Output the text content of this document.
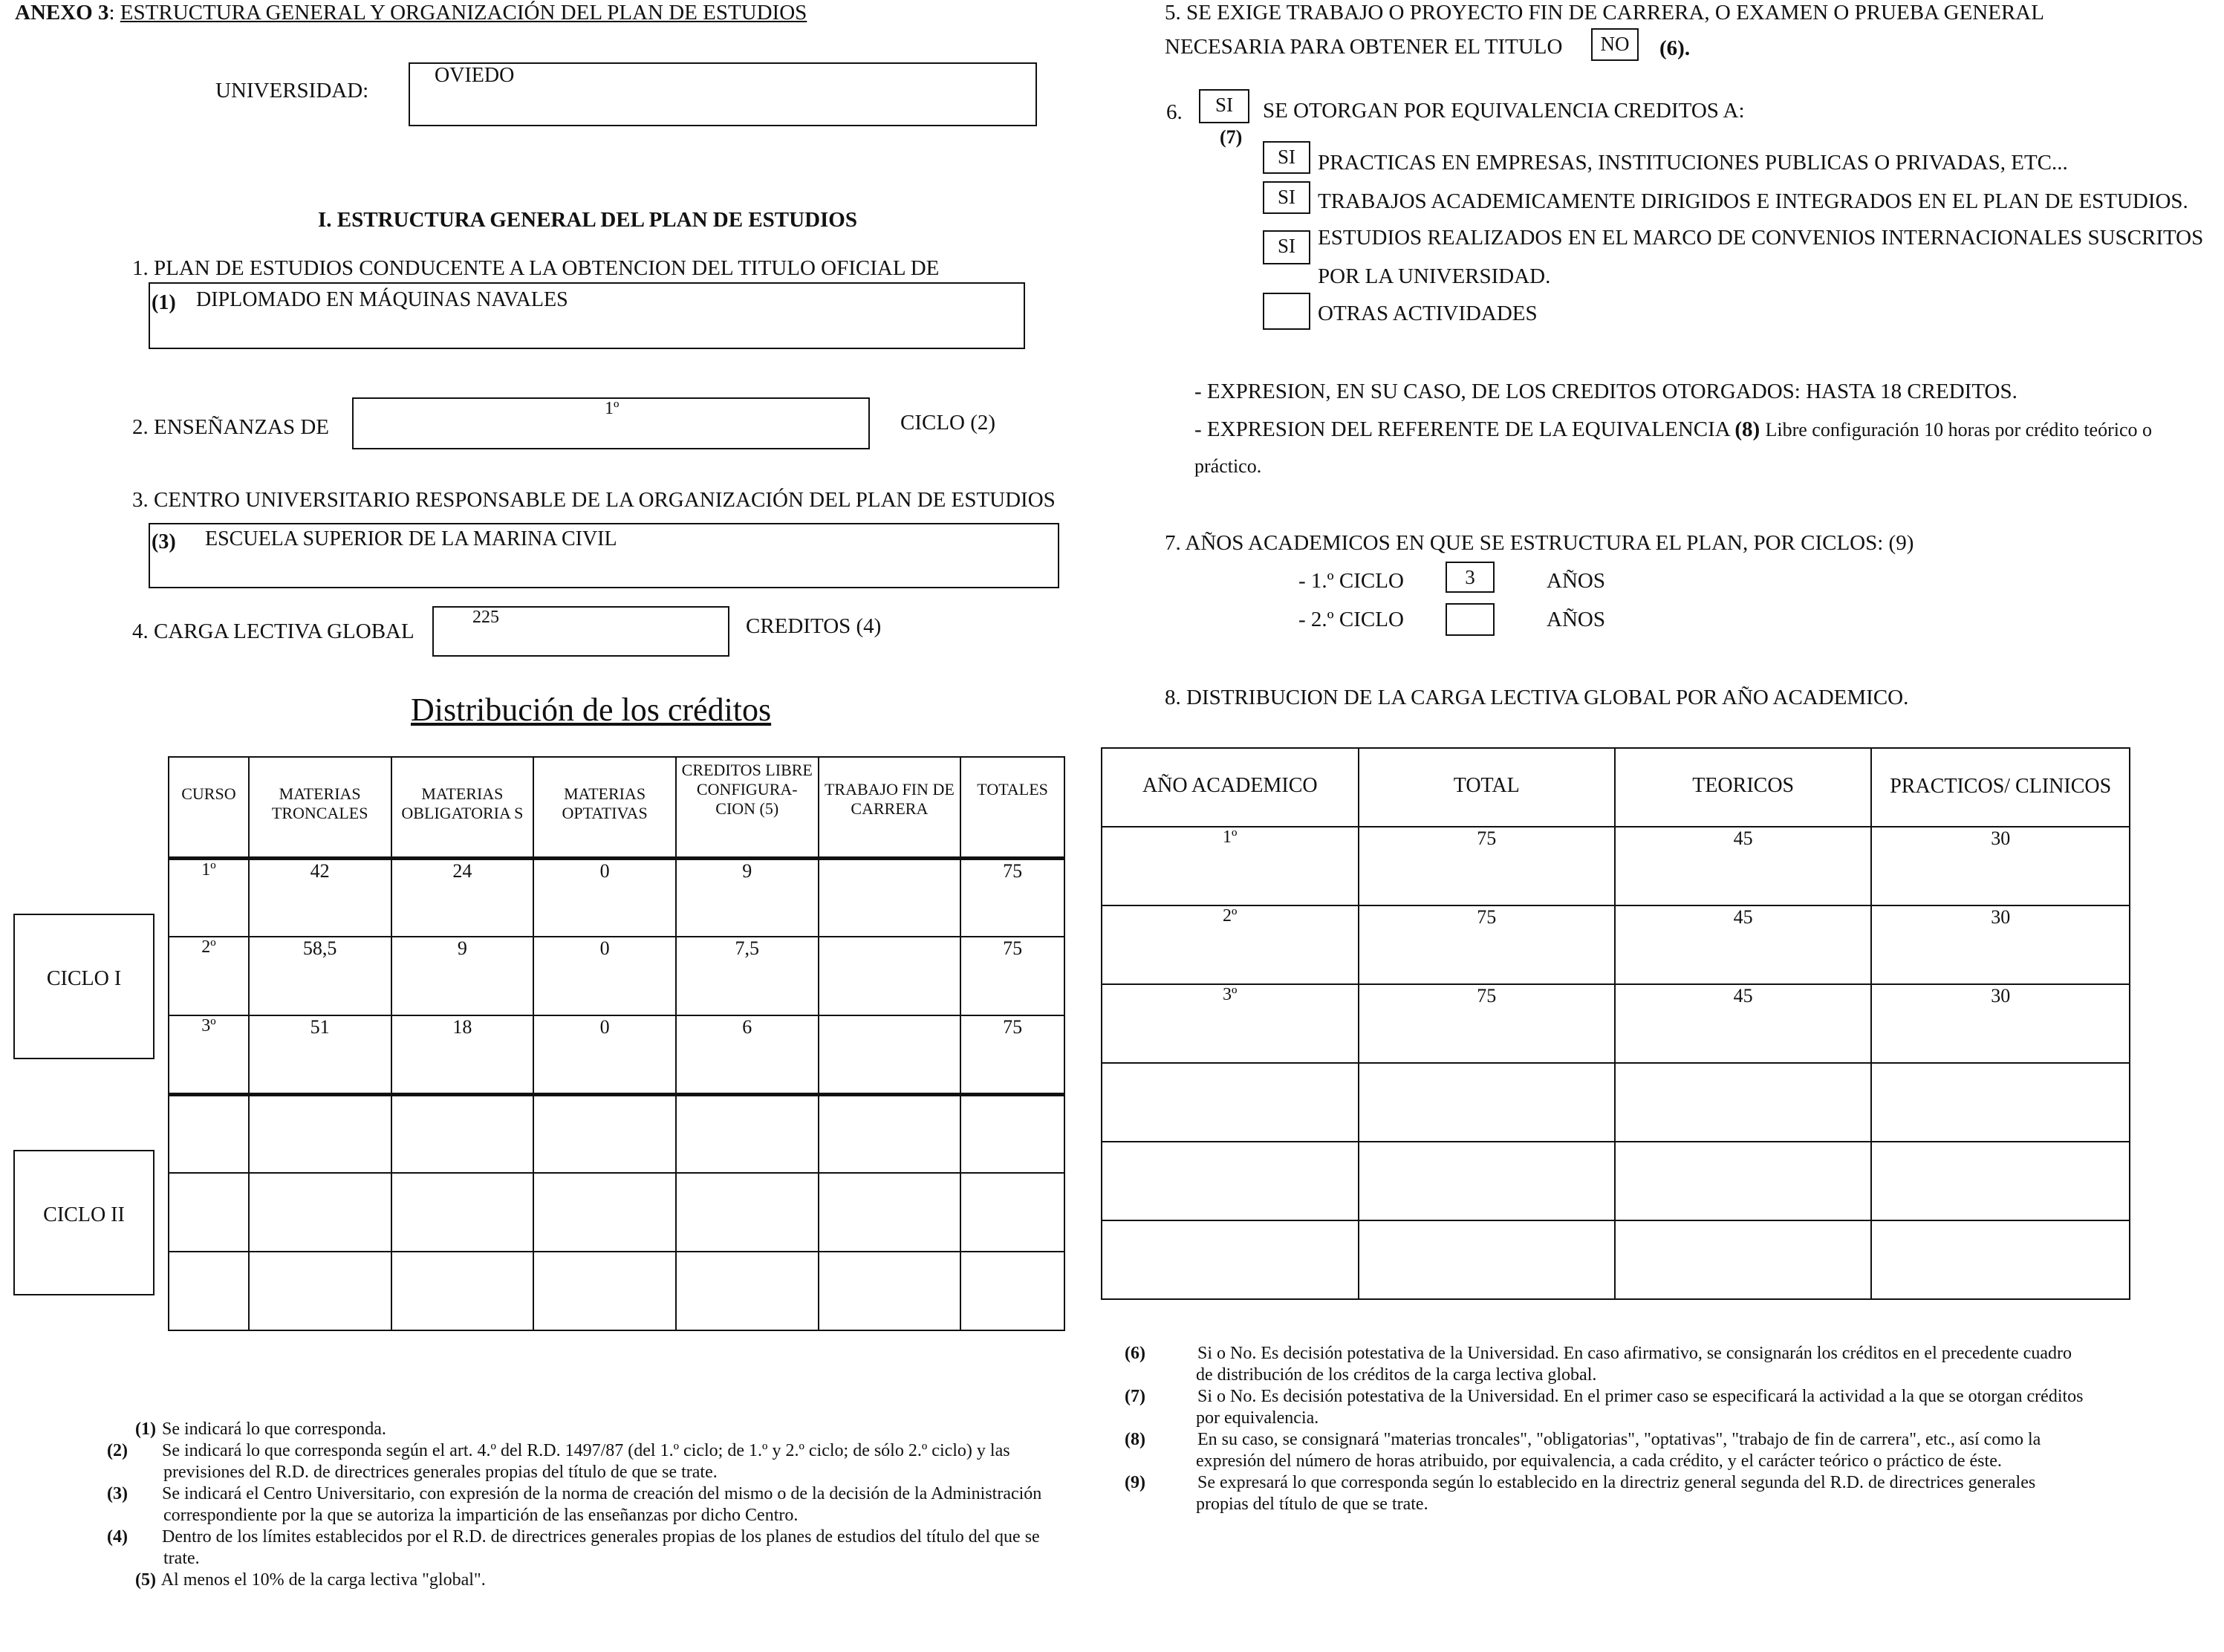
ANEXO 3: ESTRUCTURA GENERAL Y ORGANIZACIÓN DEL PLAN DE ESTUDIOS
UNIVERSIDAD:
OVIEDO
I. ESTRUCTURA GENERAL DEL PLAN DE ESTUDIOS
1. PLAN DE ESTUDIOS CONDUCENTE A LA OBTENCION DEL TITULO OFICIAL DE
(1) DIPLOMADO EN MÁQUINAS NAVALES
2. ENSEÑANZAS DE
1º
CICLO (2)
3. CENTRO UNIVERSITARIO RESPONSABLE DE LA ORGANIZACIÓN DEL PLAN DE ESTUDIOS
(3) ESCUELA SUPERIOR DE LA MARINA CIVIL
4. CARGA LECTIVA GLOBAL
225	CREDITOS (4)
Distribución de los créditos
CURSO	MATERIAS TRONCALES	MATERIAS OBLIGATORIA S	MATERIAS OPTATIVAS	CREDITOS LIBRE CONFIGURA- CION (5)	TRABAJO FIN DE CARRERA	TOTALES
1º	42	24	0	9		75
2º	58,5	9	0	7,5		75
3º	51	18	0	6		75

CICLO I
CICLO II

(1) Se indicará lo que corresponda.

(2) Se indicará lo que corresponda según el art. 4.º del R.D. 1497/87 (del 1.º ciclo; de 1.º y 2.º ciclo; de sólo 2.º ciclo) y las previsiones del R.D. de directrices generales propias del título de que se trate.

(3) Se indicará el Centro Universitario, con expresión de la norma de creación del mismo o de la decisión de la Administración correspondiente por la que se autoriza la impartición de las enseñanzas por dicho Centro.

(4) Dentro de los límites establecidos por el R.D. de directrices generales propias de los planes de estudios del título del que se trate.

(5) Al menos el 10% de la carga lectiva "global".

5. SE EXIGE TRABAJO O PROYECTO FIN DE CARRERA, O EXAMEN O PRUEBA GENERAL
NECESARIA PARA OBTENER EL TITULO	NO	(6).
6.	SI
(7)
SE OTORGAN POR EQUIVALENCIA CREDITOS A:
SI	PRACTICAS EN EMPRESAS, INSTITUCIONES PUBLICAS O PRIVADAS, ETC...
SI	TRABAJOS ACADEMICAMENTE DIRIGIDOS E INTEGRADOS EN EL PLAN DE ESTUDIOS.
SI	ESTUDIOS REALIZADOS EN EL MARCO DE CONVENIOS INTERNACIONALES SUSCRITOS
POR LA UNIVERSIDAD.
OTRAS ACTIVIDADES
- EXPRESION, EN SU CASO, DE LOS CREDITOS OTORGADOS: HASTA 18 CREDITOS.
- EXPRESION DEL REFERENTE DE LA EQUIVALENCIA (8) Libre configuración 10 horas por crédito teórico o
práctico.
7. AÑOS ACADEMICOS EN QUE SE ESTRUCTURA EL PLAN, POR CICLOS: (9)
- 1.º CICLO	3	AÑOS
- 2.º CICLO	AÑOS
8. DISTRIBUCION DE LA CARGA LECTIVA GLOBAL POR AÑO ACADEMICO.
AÑO ACADEMICO	TOTAL	TEORICOS	PRACTICOS/ CLINICOS
1º	75	45	30
2º	75	45	30
3º	75	45	30

(6)	Si o No. Es decisión potestativa de la Universidad. En caso afirmativo, se consignarán los créditos en el precedente cuadro de distribución de los créditos de la carga lectiva global.

(7)	Si o No. Es decisión potestativa de la Universidad. En el primer caso se especificará la actividad a la que se otorgan créditos por equivalencia.

(8)	En su caso, se consignará "materias troncales", "obligatorias", "optativas", "trabajo de fin de carrera", etc., así como la expresión del número de horas atribuido, por equivalencia, a cada crédito, y el carácter teórico o práctico de éste.

(9)	Se expresará lo que corresponda según lo establecido en la directriz general segunda del R.D. de directrices generales propias del título de que se trate.
